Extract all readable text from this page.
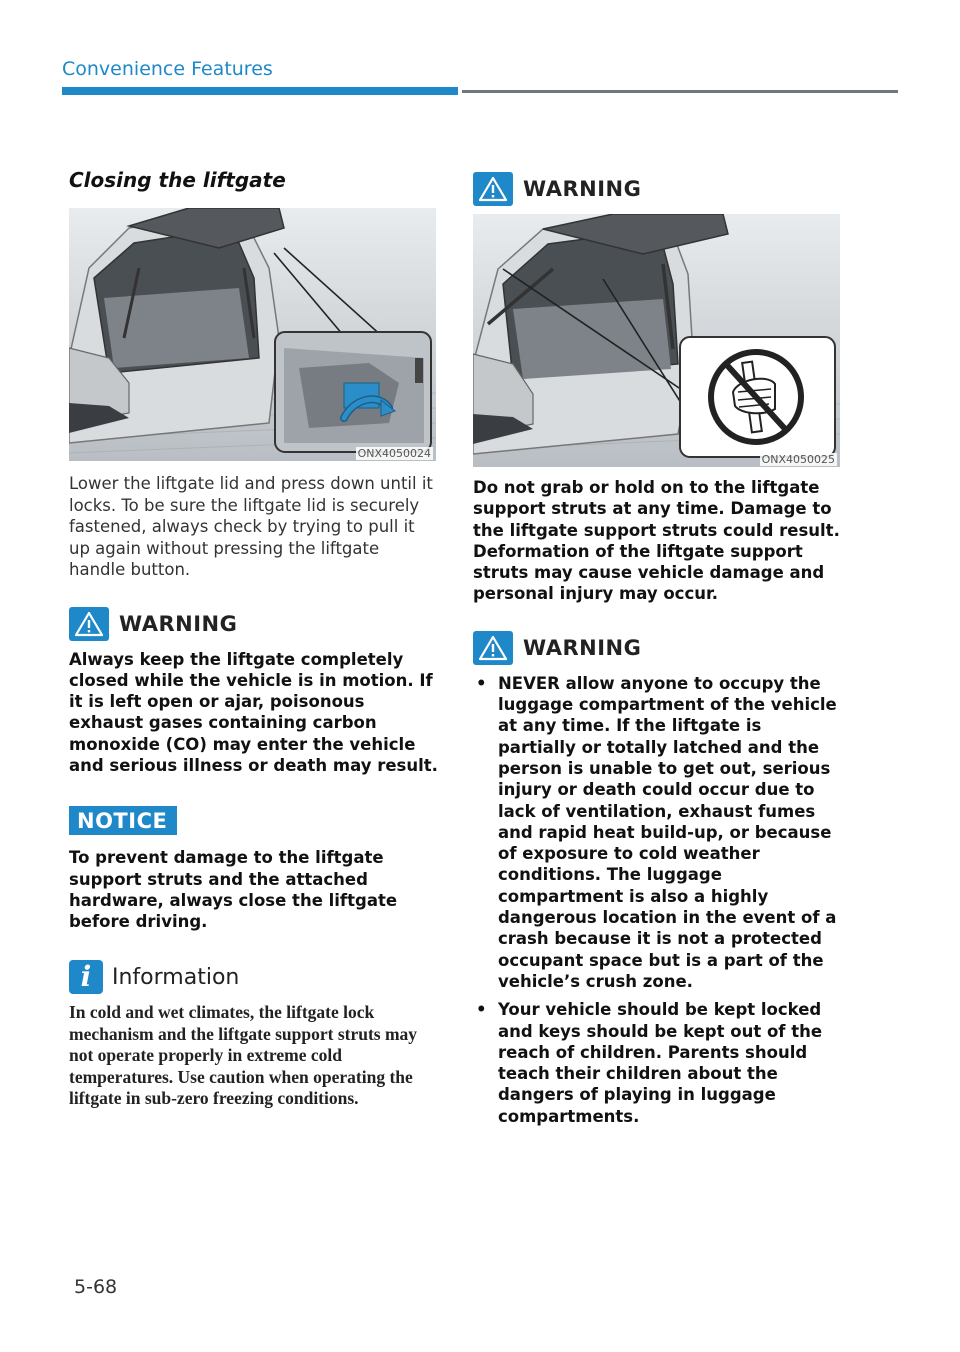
Convenience Features
Closing the liftgate
ONX4050024

Lower the liftgate lid and press down until it locks. To be sure the liftgate lid is securely fastened, always check by trying to pull it up again without pressing the liftgate handle button.

WARNING

Always keep the liftgate completely closed while the vehicle is in motion. If it is left open or ajar, poisonous exhaust gases containing carbon monoxide (CO) may enter the vehicle and serious illness or death may result.

NOTICE

To prevent damage to the liftgate support struts and the attached hardware, always close the liftgate before driving.

i Information

In cold and wet climates, the liftgate lock mechanism and the liftgate support struts may not operate properly in extreme cold temperatures. Use caution when operating the liftgate in sub-zero freezing conditions.

WARNING
ONX4050025

Do not grab or hold on to the liftgate support struts at any time. Damage to the liftgate support struts could result. Deformation of the liftgate support struts may cause vehicle damage and personal injury may occur.

WARNING
• NEVER allow anyone to occupy the luggage compartment of the vehicle at any time. If the liftgate is partially or totally latched and the person is unable to get out, serious injury or death could occur due to lack of ventilation, exhaust fumes and rapid heat build-up, or because of exposure to cold weather conditions. The luggage compartment is also a highly dangerous location in the event of a crash because it is not a protected occupant space but is a part of the vehicle’s crush zone.
• Your vehicle should be kept locked and keys should be kept out of the reach of children. Parents should teach their children about the dangers of playing in luggage compartments.
5-68
